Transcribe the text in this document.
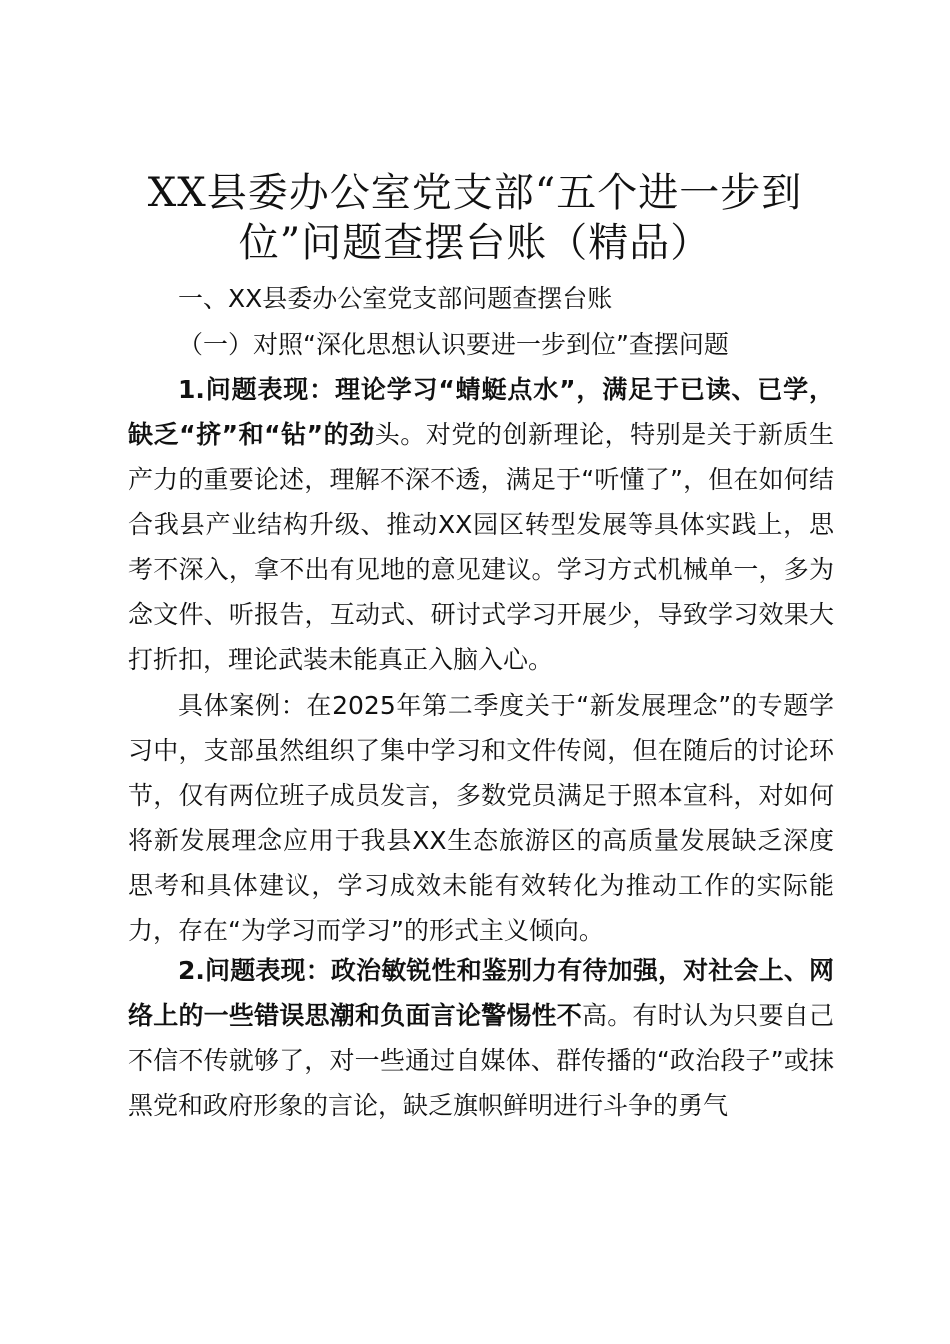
XX县委办公室党支部“五个进一步到位”问题查摆台账（精品）

一、XX县委办公室党支部问题查摆台账

（一）对照“深化思想认识要进一步到位”查摆问题

1.问题表现：理论学习“蜻蜓点水”，满足于已读、已学，缺乏“挤”和“钻”的劲头。对党的创新理论，特别是关于新质生产力的重要论述，理解不深不透，满足于“听懂了”，但在如何结合我县产业结构升级、推动XX园区转型发展等具体实践上，思考不深入，拿不出有见地的意见建议。学习方式机械单一，多为念文件、听报告，互动式、研讨式学习开展少，导致学习效果大打折扣，理论武装未能真正入脑入心。

具体案例：在2025年第二季度关于“新发展理念”的专题学习中，支部虽然组织了集中学习和文件传阅，但在随后的讨论环节，仅有两位班子成员发言，多数党员满足于照本宣科，对如何将新发展理念应用于我县XX生态旅游区的高质量发展缺乏深度思考和具体建议，学习成效未能有效转化为推动工作的实际能力，存在“为学习而学习”的形式主义倾向。

2.问题表现：政治敏锐性和鉴别力有待加强，对社会上、网络上的一些错误思潮和负面言论警惕性不高。有时认为只要自己不信不传就够了，对一些通过自媒体、群传播的“政治段子”或抹黑党和政府形象的言论，缺乏旗帜鲜明进行斗争的勇气
